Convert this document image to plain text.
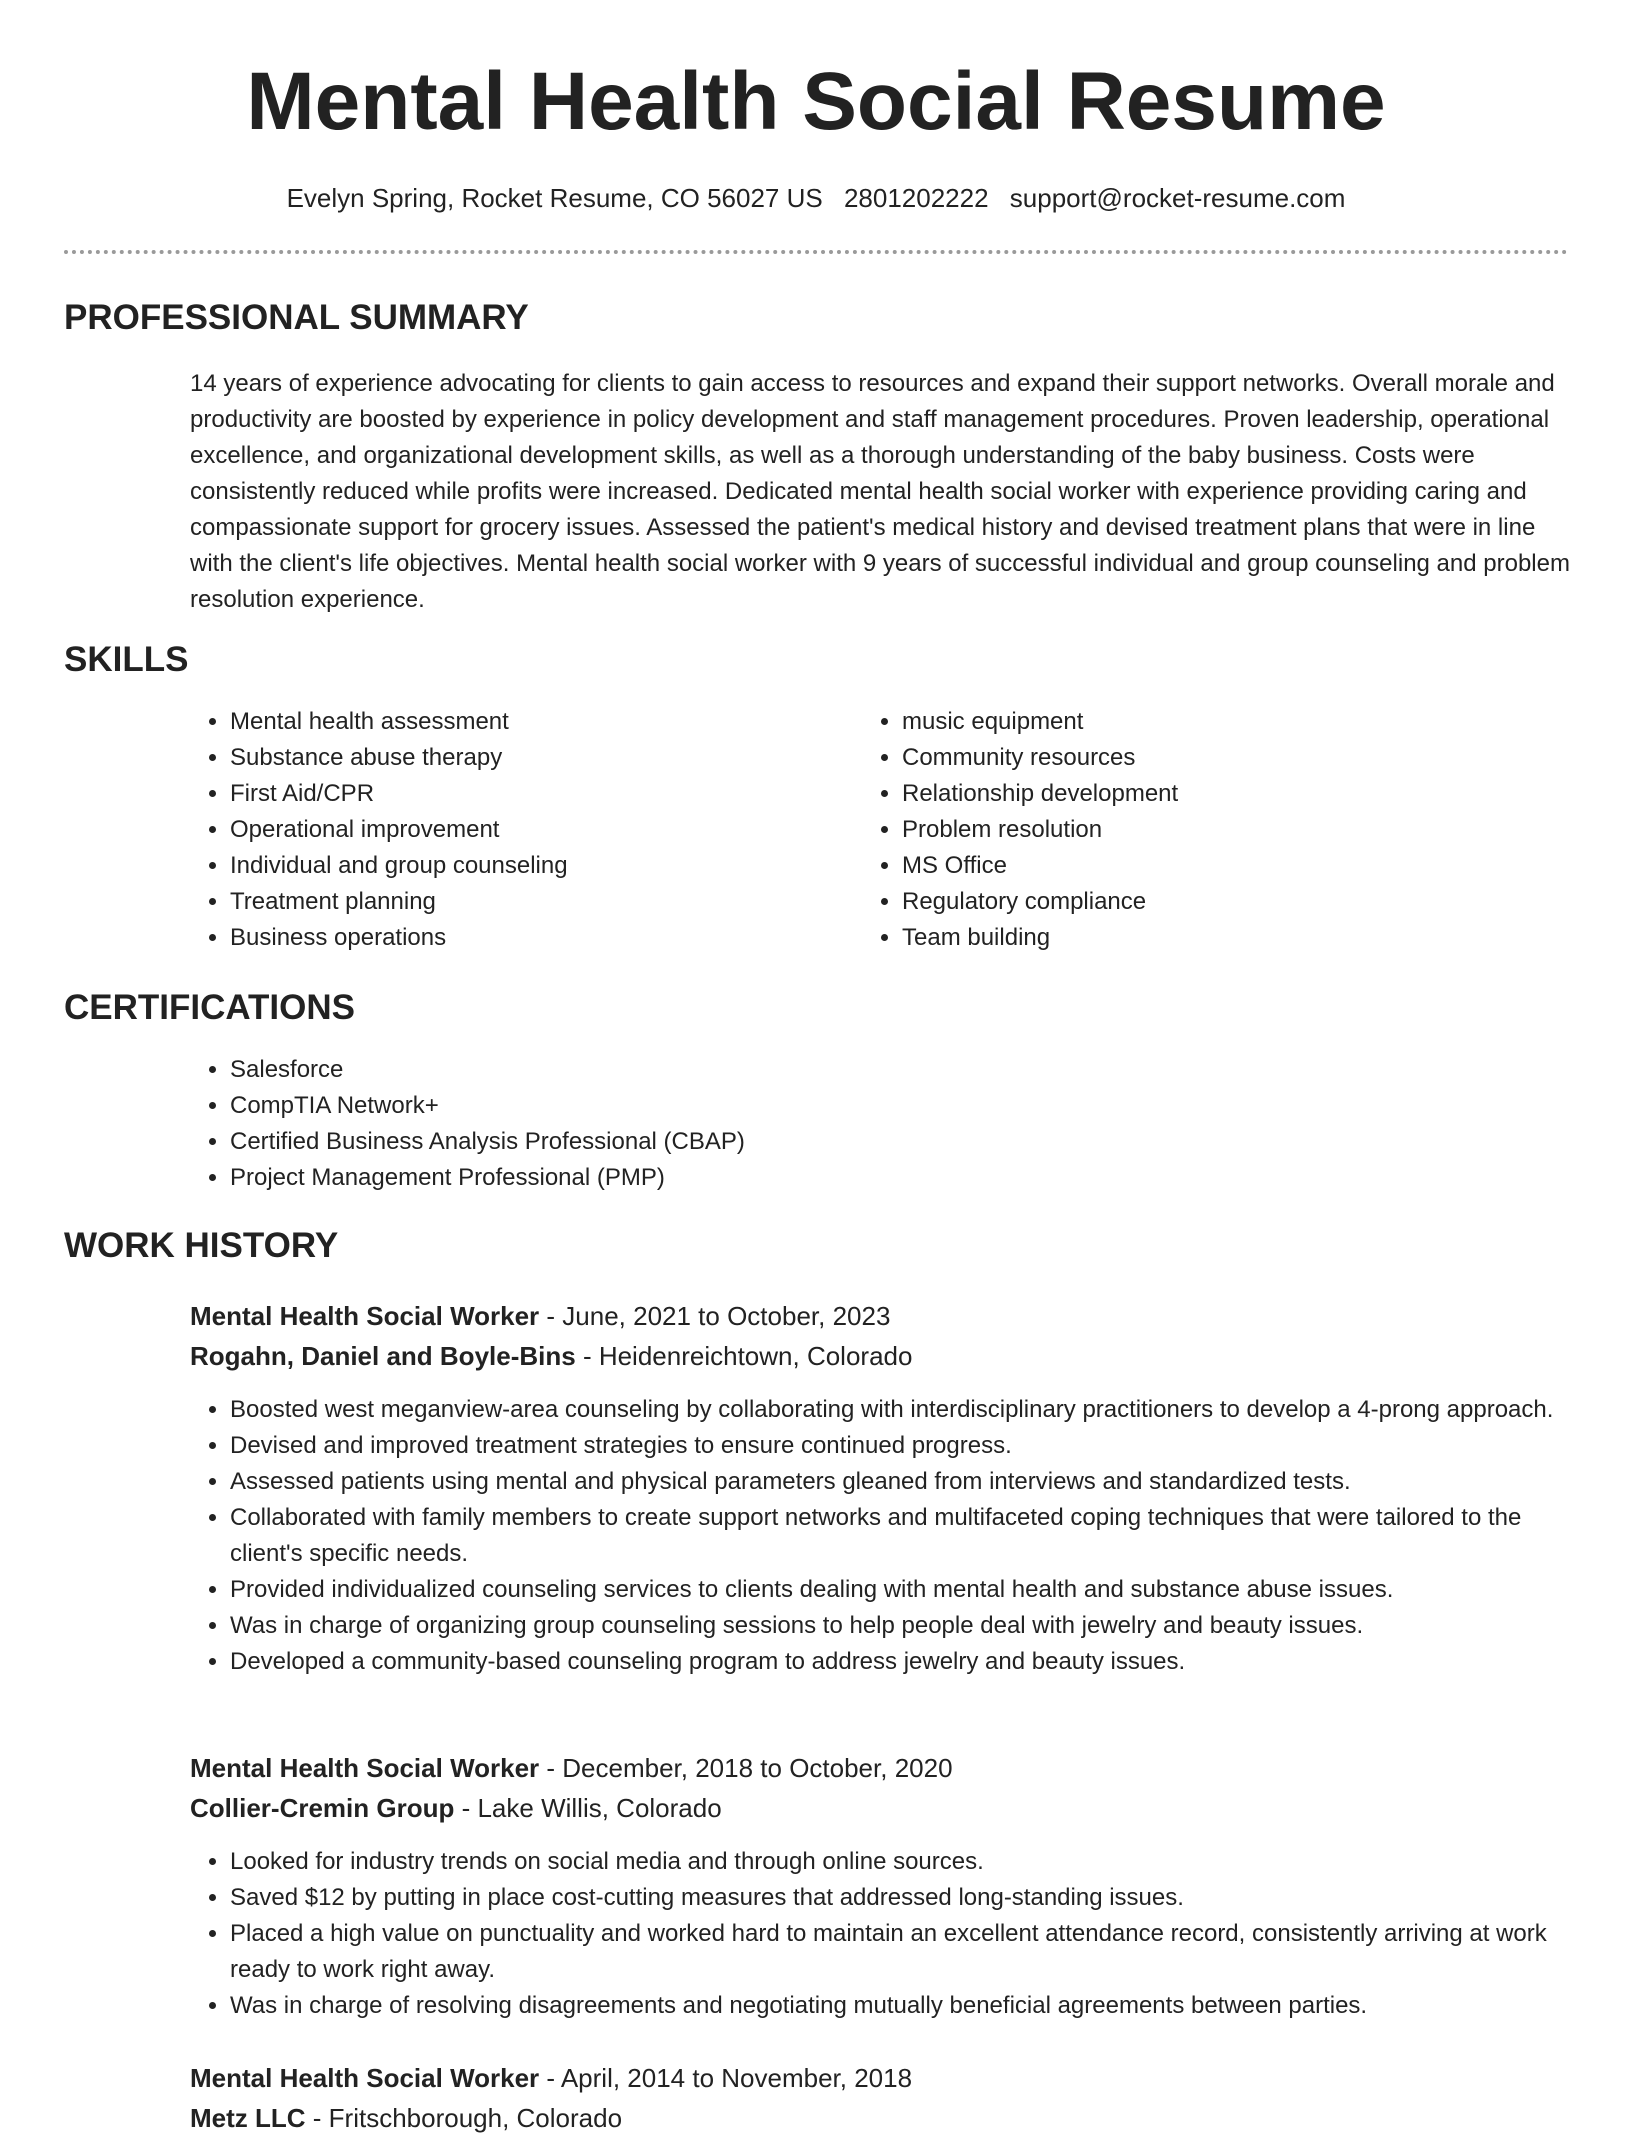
Mental Health Social Resume
Evelyn Spring, Rocket Resume, CO 56027 US 2801202222 support@rocket-resume.com
PROFESSIONAL SUMMARY

14 years of experience advocating for clients to gain access to resources and expand their support networks. Overall morale and productivity are boosted by experience in policy development and staff management procedures. Proven leadership, operational excellence, and organizational development skills, as well as a thorough understanding of the baby business. Costs were consistently reduced while profits were increased. Dedicated mental health social worker with experience providing caring and compassionate support for grocery issues. Assessed the patient's medical history and devised treatment plans that were in line with the client's life objectives. Mental health social worker with 9 years of successful individual and group counseling and problem resolution experience.

SKILLS
• Mental health assessment
• Substance abuse therapy
• First Aid/CPR
• Operational improvement
• Individual and group counseling
• Treatment planning
• Business operations
• music equipment
• Community resources
• Relationship development
• Problem resolution
• MS Office
• Regulatory compliance
• Team building
CERTIFICATIONS
• Salesforce
• CompTIA Network+
• Certified Business Analysis Professional (CBAP)
• Project Management Professional (PMP)
WORK HISTORY
Mental Health Social Worker - June, 2021 to October, 2023
Rogahn, Daniel and Boyle-Bins - Heidenreichtown, Colorado
• Boosted west meganview-area counseling by collaborating with interdisciplinary practitioners to develop a 4-prong approach.
• Devised and improved treatment strategies to ensure continued progress.
• Assessed patients using mental and physical parameters gleaned from interviews and standardized tests.
• Collaborated with family members to create support networks and multifaceted coping techniques that were tailored to the client's specific needs.
• Provided individualized counseling services to clients dealing with mental health and substance abuse issues.
• Was in charge of organizing group counseling sessions to help people deal with jewelry and beauty issues.
• Developed a community-based counseling program to address jewelry and beauty issues.
Mental Health Social Worker - December, 2018 to October, 2020
Collier-Cremin Group - Lake Willis, Colorado
• Looked for industry trends on social media and through online sources.
• Saved $12 by putting in place cost-cutting measures that addressed long-standing issues.
• Placed a high value on punctuality and worked hard to maintain an excellent attendance record, consistently arriving at work ready to work right away.
• Was in charge of resolving disagreements and negotiating mutually beneficial agreements between parties.
Mental Health Social Worker - April, 2014 to November, 2018
Metz LLC - Fritschborough, Colorado
